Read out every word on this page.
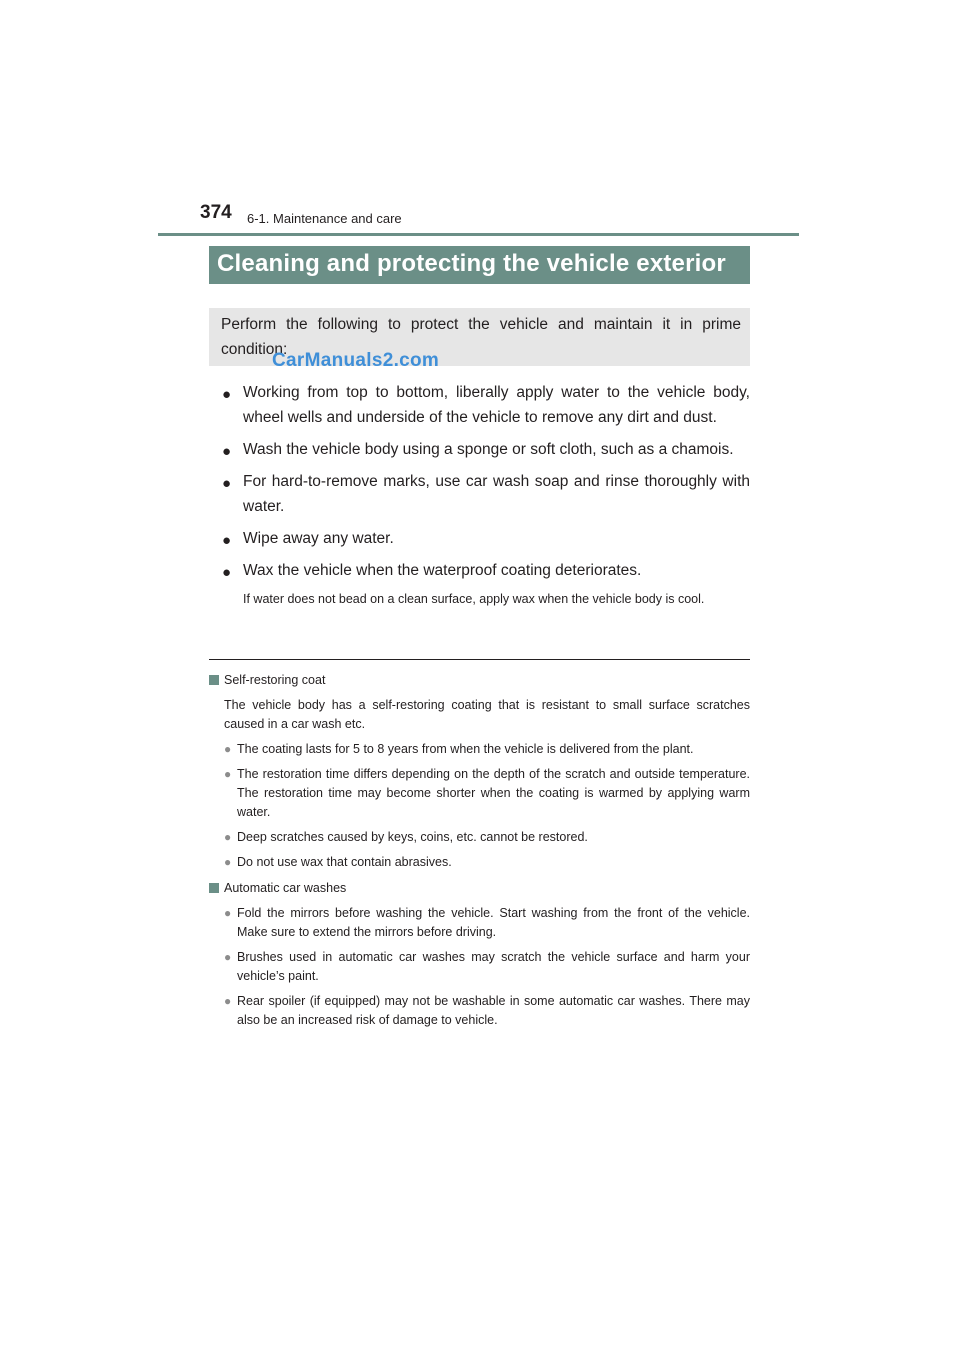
374 6-1. Maintenance and care
Cleaning and protecting the vehicle exterior
Perform the following to protect the vehicle and maintain it in prime condition:
CarManuals2.com
● Working from top to bottom, liberally apply water to the vehicle body, wheel wells and underside of the vehicle to remove any dirt and dust.
● Wash the vehicle body using a sponge or soft cloth, such as a chamois.
● For hard-to-remove marks, use car wash soap and rinse thoroughly with water.
● Wipe away any water.
● Wax the vehicle when the waterproof coating deteriorates.
If water does not bead on a clean surface, apply wax when the vehicle body is cool.
Self-restoring coat
The vehicle body has a self-restoring coating that is resistant to small surface scratches caused in a car wash etc.
● The coating lasts for 5 to 8 years from when the vehicle is delivered from the plant.
● The restoration time differs depending on the depth of the scratch and outside temperature. The restoration time may become shorter when the coating is warmed by applying warm water.
● Deep scratches caused by keys, coins, etc. cannot be restored.
● Do not use wax that contain abrasives.
Automatic car washes
● Fold the mirrors before washing the vehicle. Start washing from the front of the vehicle. Make sure to extend the mirrors before driving.
● Brushes used in automatic car washes may scratch the vehicle surface and harm your vehicle’s paint.
● Rear spoiler (if equipped) may not be washable in some automatic car washes. There may also be an increased risk of damage to vehicle.
